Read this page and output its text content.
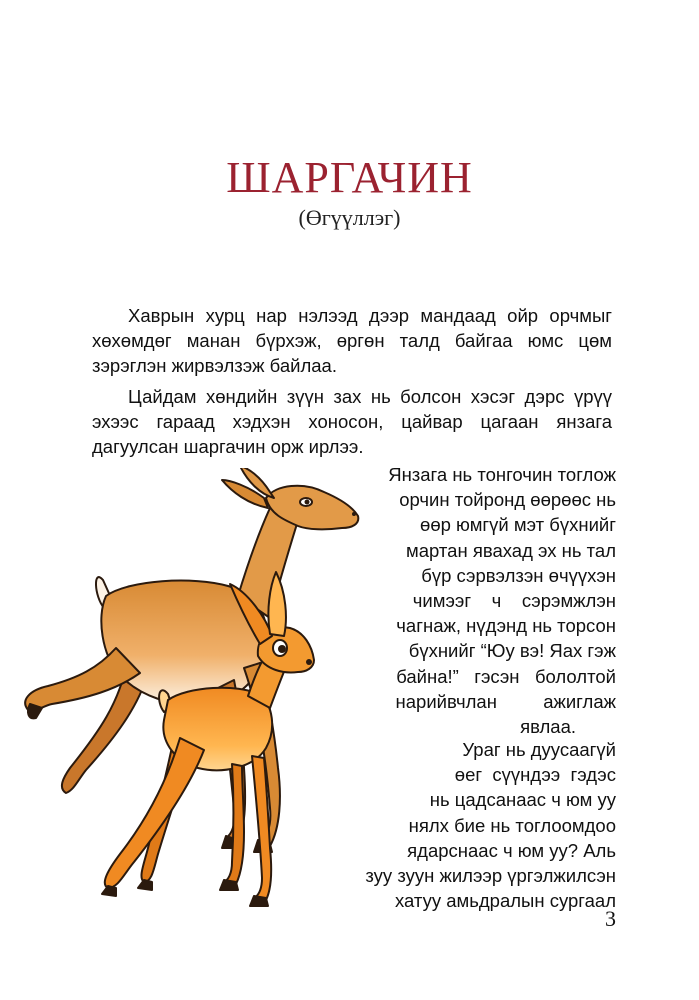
ШАРГАЧИН
(Өгүүллэг)

Хаврын хурц нар нэлээд дээр мандаад ойр орчмыг
хөхөмдөг манан бүрхэж, өргөн талд байгаа юмс цөм
зэрэглэн жирвэлзэж байлаа.

Цайдам хөндийн зүүн зах нь болсон хэсэг дэрс үрүү
эхээс гараад хэдхэн хоносон, цайвар цагаан янзага
дагуулсан шаргачин орж ирлээ.

Янзага нь тонгочин тоглож
орчин тойронд өөрөөс нь
өөр юмгүй мэт бүхнийг
мартан явахад эх нь тал
бүр сэрвэлзэн өчүүхэн
чимээг    ч    сэрэмжлэн
чагнаж, нүдэнд нь торсон
бүхнийг “Юу вэ! Яах гэж
байна!”   гэсэн   бололтой
нарийвчлан         ажиглаж
явлаа.
Ураг нь дуусаагүй
өег  сүүндээ  гэдэс
нь цадсанаас ч юм уу
нялх бие нь тоглоомдоо
ядарснаас ч юм уу? Аль
зуу зуун жилээр үргэлжилсэн
хатуу амьдралын сургаал
3
